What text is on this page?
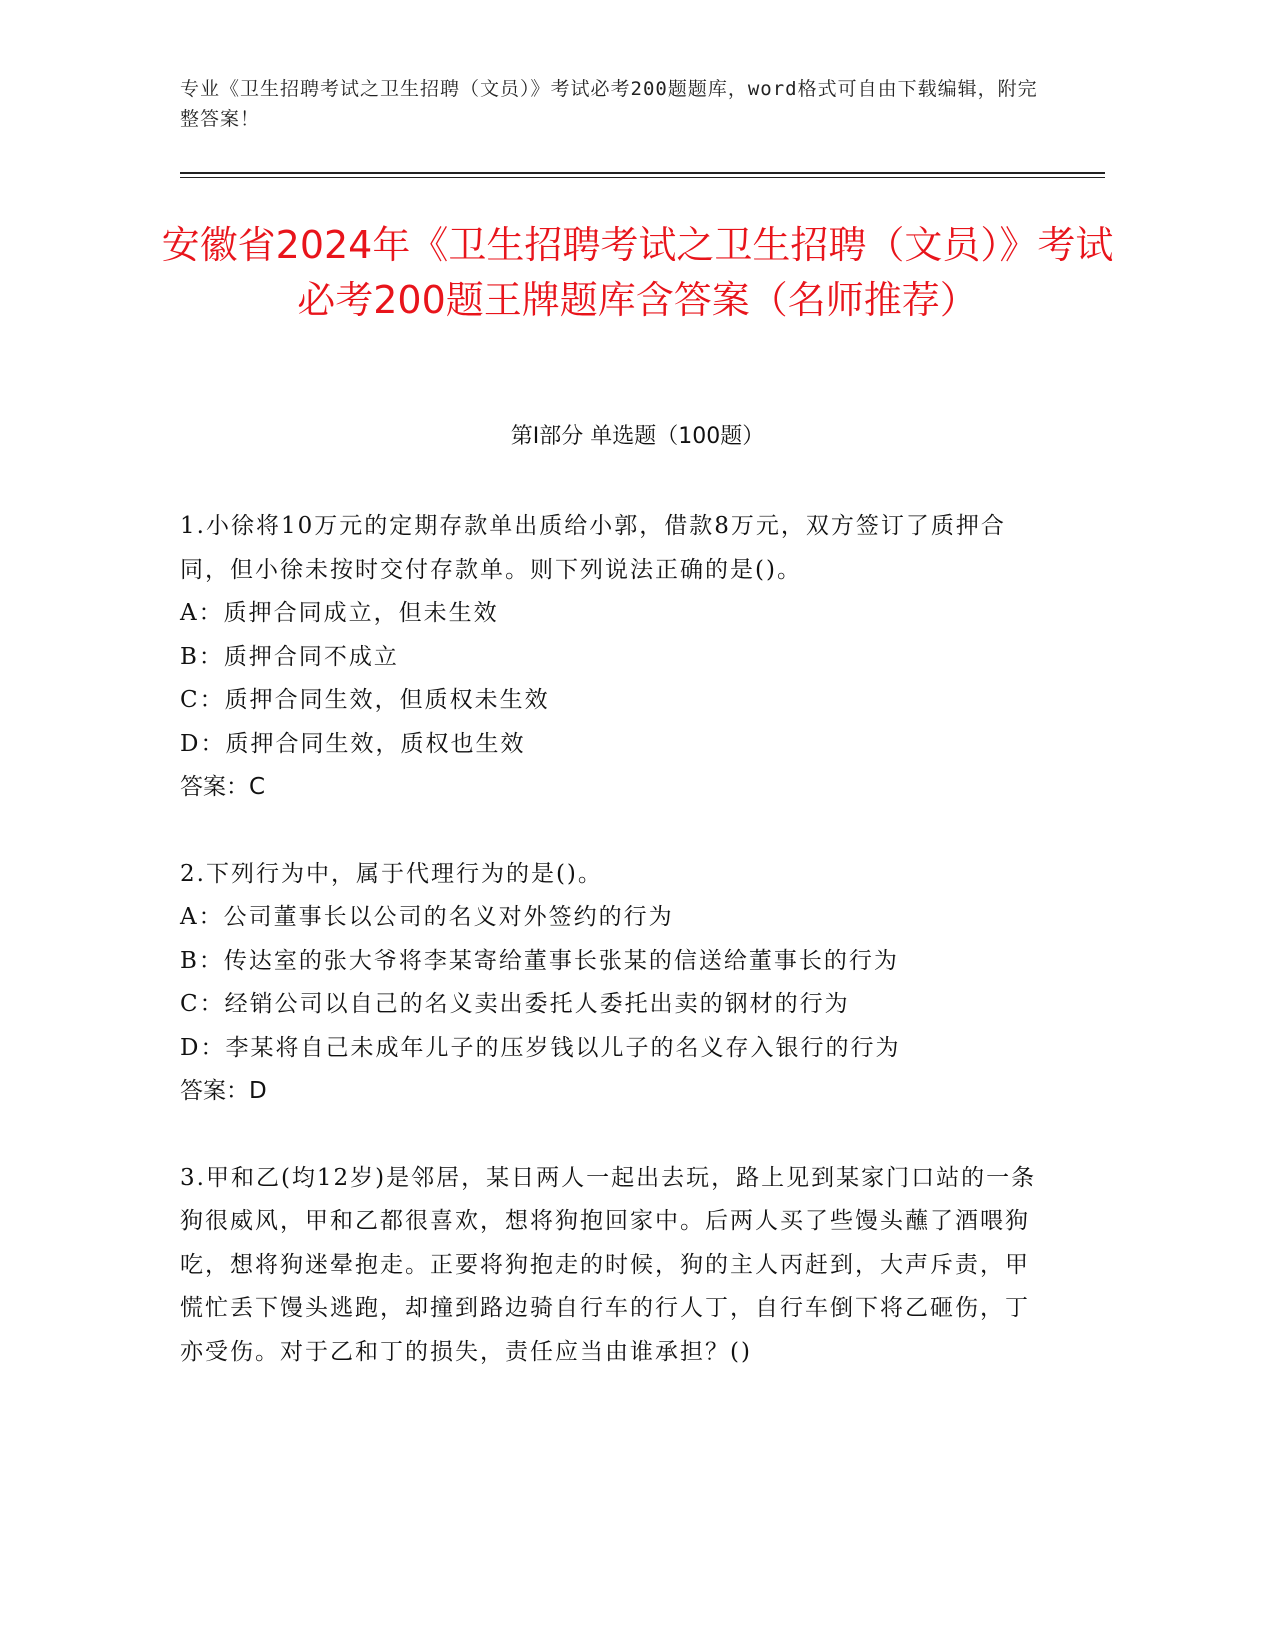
专业《卫生招聘考试之卫生招聘（文员）》考试必考200题题库，word格式可自由下载编辑，附完整答案！
安徽省2024年《卫生招聘考试之卫生招聘（文员）》考试必考200题王牌题库含答案（名师推荐）
第I部分 单选题（100题）
1.小徐将10万元的定期存款单出质给小郭，借款8万元，双方签订了质押合同，但小徐未按时交付存款单。则下列说法正确的是()。
A：质押合同成立，但未生效
B：质押合同不成立
C：质押合同生效，但质权未生效
D：质押合同生效，质权也生效
答案：C
2.下列行为中，属于代理行为的是()。
A：公司董事长以公司的名义对外签约的行为
B：传达室的张大爷将李某寄给董事长张某的信送给董事长的行为
C：经销公司以自己的名义卖出委托人委托出卖的钢材的行为
D：李某将自己未成年儿子的压岁钱以儿子的名义存入银行的行为
答案：D
3.甲和乙(均12岁)是邻居，某日两人一起出去玩，路上见到某家门口站的一条狗很威风，甲和乙都很喜欢，想将狗抱回家中。后两人买了些馒头蘸了酒喂狗吃，想将狗迷晕抱走。正要将狗抱走的时候，狗的主人丙赶到，大声斥责，甲慌忙丢下馒头逃跑，却撞到路边骑自行车的行人丁，自行车倒下将乙砸伤，丁亦受伤。对于乙和丁的损失，责任应当由谁承担？()
